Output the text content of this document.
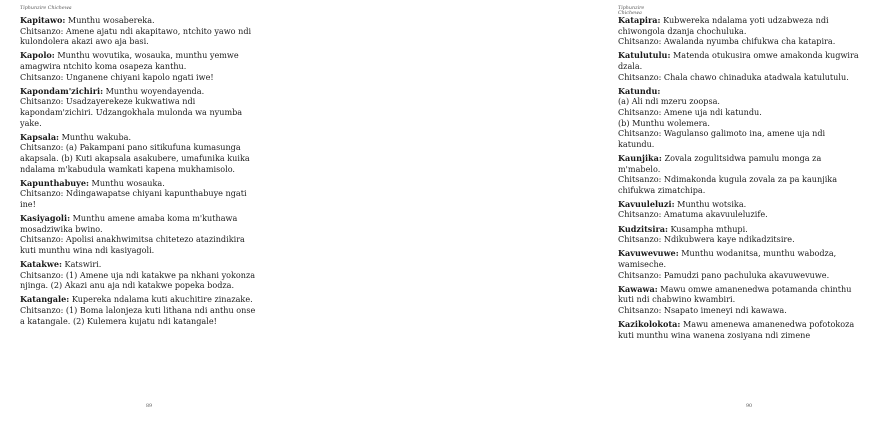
Tiphunzire Chichewa
Kapitawo: Munthu wosabereka.
Chitsanzo: Amene ajatu ndi akapitawo, ntchito yawo ndi
kulondolera akazi awo aja basi.
Kapolo: Munthu wovutika, wosauka, munthu yemwe
amagwira ntchito koma osapeza kanthu.
Chitsanzo: Unganene chiyani kapolo ngati iwe!
Kapondam'zichiri: Munthu woyendayenda.
Chitsanzo: Usadzayerekeze kukwatiwa ndi
kapondam'zichiri. Udzangokhala mulonda wa nyumba
yake.
Kapsala: Munthu wakuba.
Chitsanzo: (a) Pakampani pano sitikufuna kumasunga
akapsala. (b) Kuti akapsala asakubere, umafunika kuika
ndalama m'kabudula wamkati kapena mukhamisolo.
Kapunthabuye: Munthu wosauka.
Chitsanzo: Ndingawapatse chiyani kapunthabuye ngati
ine!
Kasiyagoli: Munthu amene amaba koma m'kuthawa
mosadziwika bwino.
Chitsanzo: Apolisi anakhwimitsa chitetezo atazindikira
kuti munthu wina ndi kasiyagoli.
Katakwe: Katswiri.
Chitsanzo: (1) Amene uja ndi katakwe pa nkhani yokonza
njinga. (2) Akazi anu aja ndi katakwe popeka bodza.
Katangale: Kupereka ndalama kuti akuchitire zinazake.
Chitsanzo: (1) Boma lalonjeza kuti lithana ndi anthu onse
a katangale. (2) Kulemera kujatu ndi katangale!
89
Tiphunzire Chichewa
Katapira: Kubwereka ndalama yoti udzabweza ndi
chiwongola dzanja chochuluka.
Chitsanzo: Awalanda nyumba chifukwa cha katapira.
Katulutulu: Matenda otukusira omwe amakonda kugwira
dzala.
Chitsanzo: Chala chawo chinaduka atadwala katulutulu.
Katundu:
(a) Ali ndi mzeru zoopsa.
Chitsanzo: Amene uja ndi katundu.
(b) Munthu wolemera.
Chitsanzo: Wagulanso galimoto ina, amene uja ndi
katundu.
Kaunjika: Zovala zogulitsidwa pamulu monga za
m'mabelo.
Chitsanzo: Ndimakonda kugula zovala za pa kaunjika
chifukwa zimatchipa.
Kavuuleluzi: Munthu wotsika.
Chitsanzo: Amatuma akavuuleluzife.
Kudzitsira: Kusampha mthupi.
Chitsanzo: Ndikubwera kaye ndikadzitsire.
Kavuwevuwe: Munthu wodanitsa, munthu wabodza,
wamiseche.
Chitsanzo: Pamudzi pano pachuluka akavuwevuwe.
Kawawa: Mawu omwe amanenedwa potamanda chinthu
kuti ndi chabwino kwambiri.
Chitsanzo: Nsapato imeneyi ndi kawawa.
Kazikolokota: Mawu amenewa amanenedwa pofotokoza
kuti munthu wina wanena zosiyana ndi zimene
90
